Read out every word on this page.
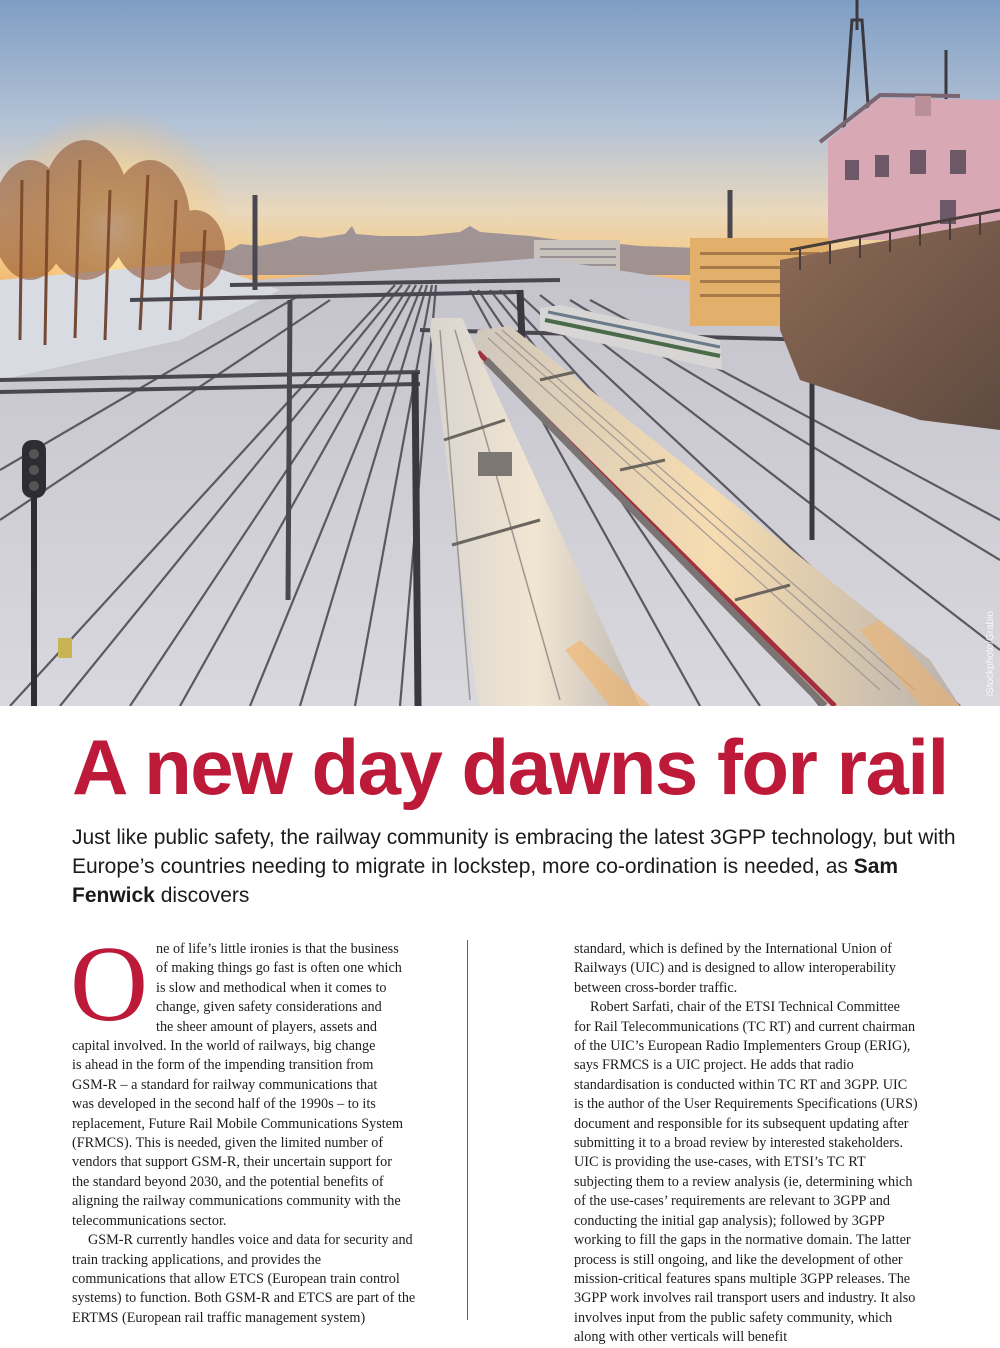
iStockphoto/Grabio
A new day dawns for rail

Just like public safety, the railway community is embracing the latest 3GPP technology, but with Europe’s countries needing to migrate in lockstep, more co-ordination is needed, as Sam Fenwick discovers

O ne of life’s little ironies is that the business

of making things go fast is often one which

is slow and methodical when it comes to

change, given safety considerations and

the sheer amount of players, assets and

capital involved. In the world of railways, big change

is ahead in the form of the impending transition from

GSM-R – a standard for railway communications that

was developed in the second half of the 1990s – to its

replacement, Future Rail Mobile Communications System

(FRMCS). This is needed, given the limited number of

vendors that support GSM-R, their uncertain support for

the standard beyond 2030, and the potential benefits of

aligning the railway communications community with the

telecommunications sector.

GSM-R currently handles voice and data for security and train tracking applications, and provides the communications that allow ETCS (European train control systems) to function. Both GSM-R and ETCS are part of the ERTMS (European rail traffic management system)

standard, which is defined by the International Union of Railways (UIC) and is designed to allow interoperability between cross-border traffic.

Robert Sarfati, chair of the ETSI Technical Committee for Rail Telecommunications (TC RT) and current chairman of the UIC’s European Radio Implementers Group (ERIG), says FRMCS is a UIC project. He adds that radio standardisation is conducted within TC RT and 3GPP. UIC is the author of the User Requirements Specifications (URS) document and responsible for its subsequent updating after submitting it to a broad review by interested stakeholders. UIC is providing the use-cases, with ETSI’s TC RT subjecting them to a review analysis (ie, determining which of the use-cases’ requirements are relevant to 3GPP and conducting the initial gap analysis); followed by 3GPP working to fill the gaps in the normative domain. The latter process is still ongoing, and like the development of other mission-critical features spans multiple 3GPP releases. The 3GPP work involves rail transport users and industry. It also involves input from the public safety community, which along with other verticals will benefit
